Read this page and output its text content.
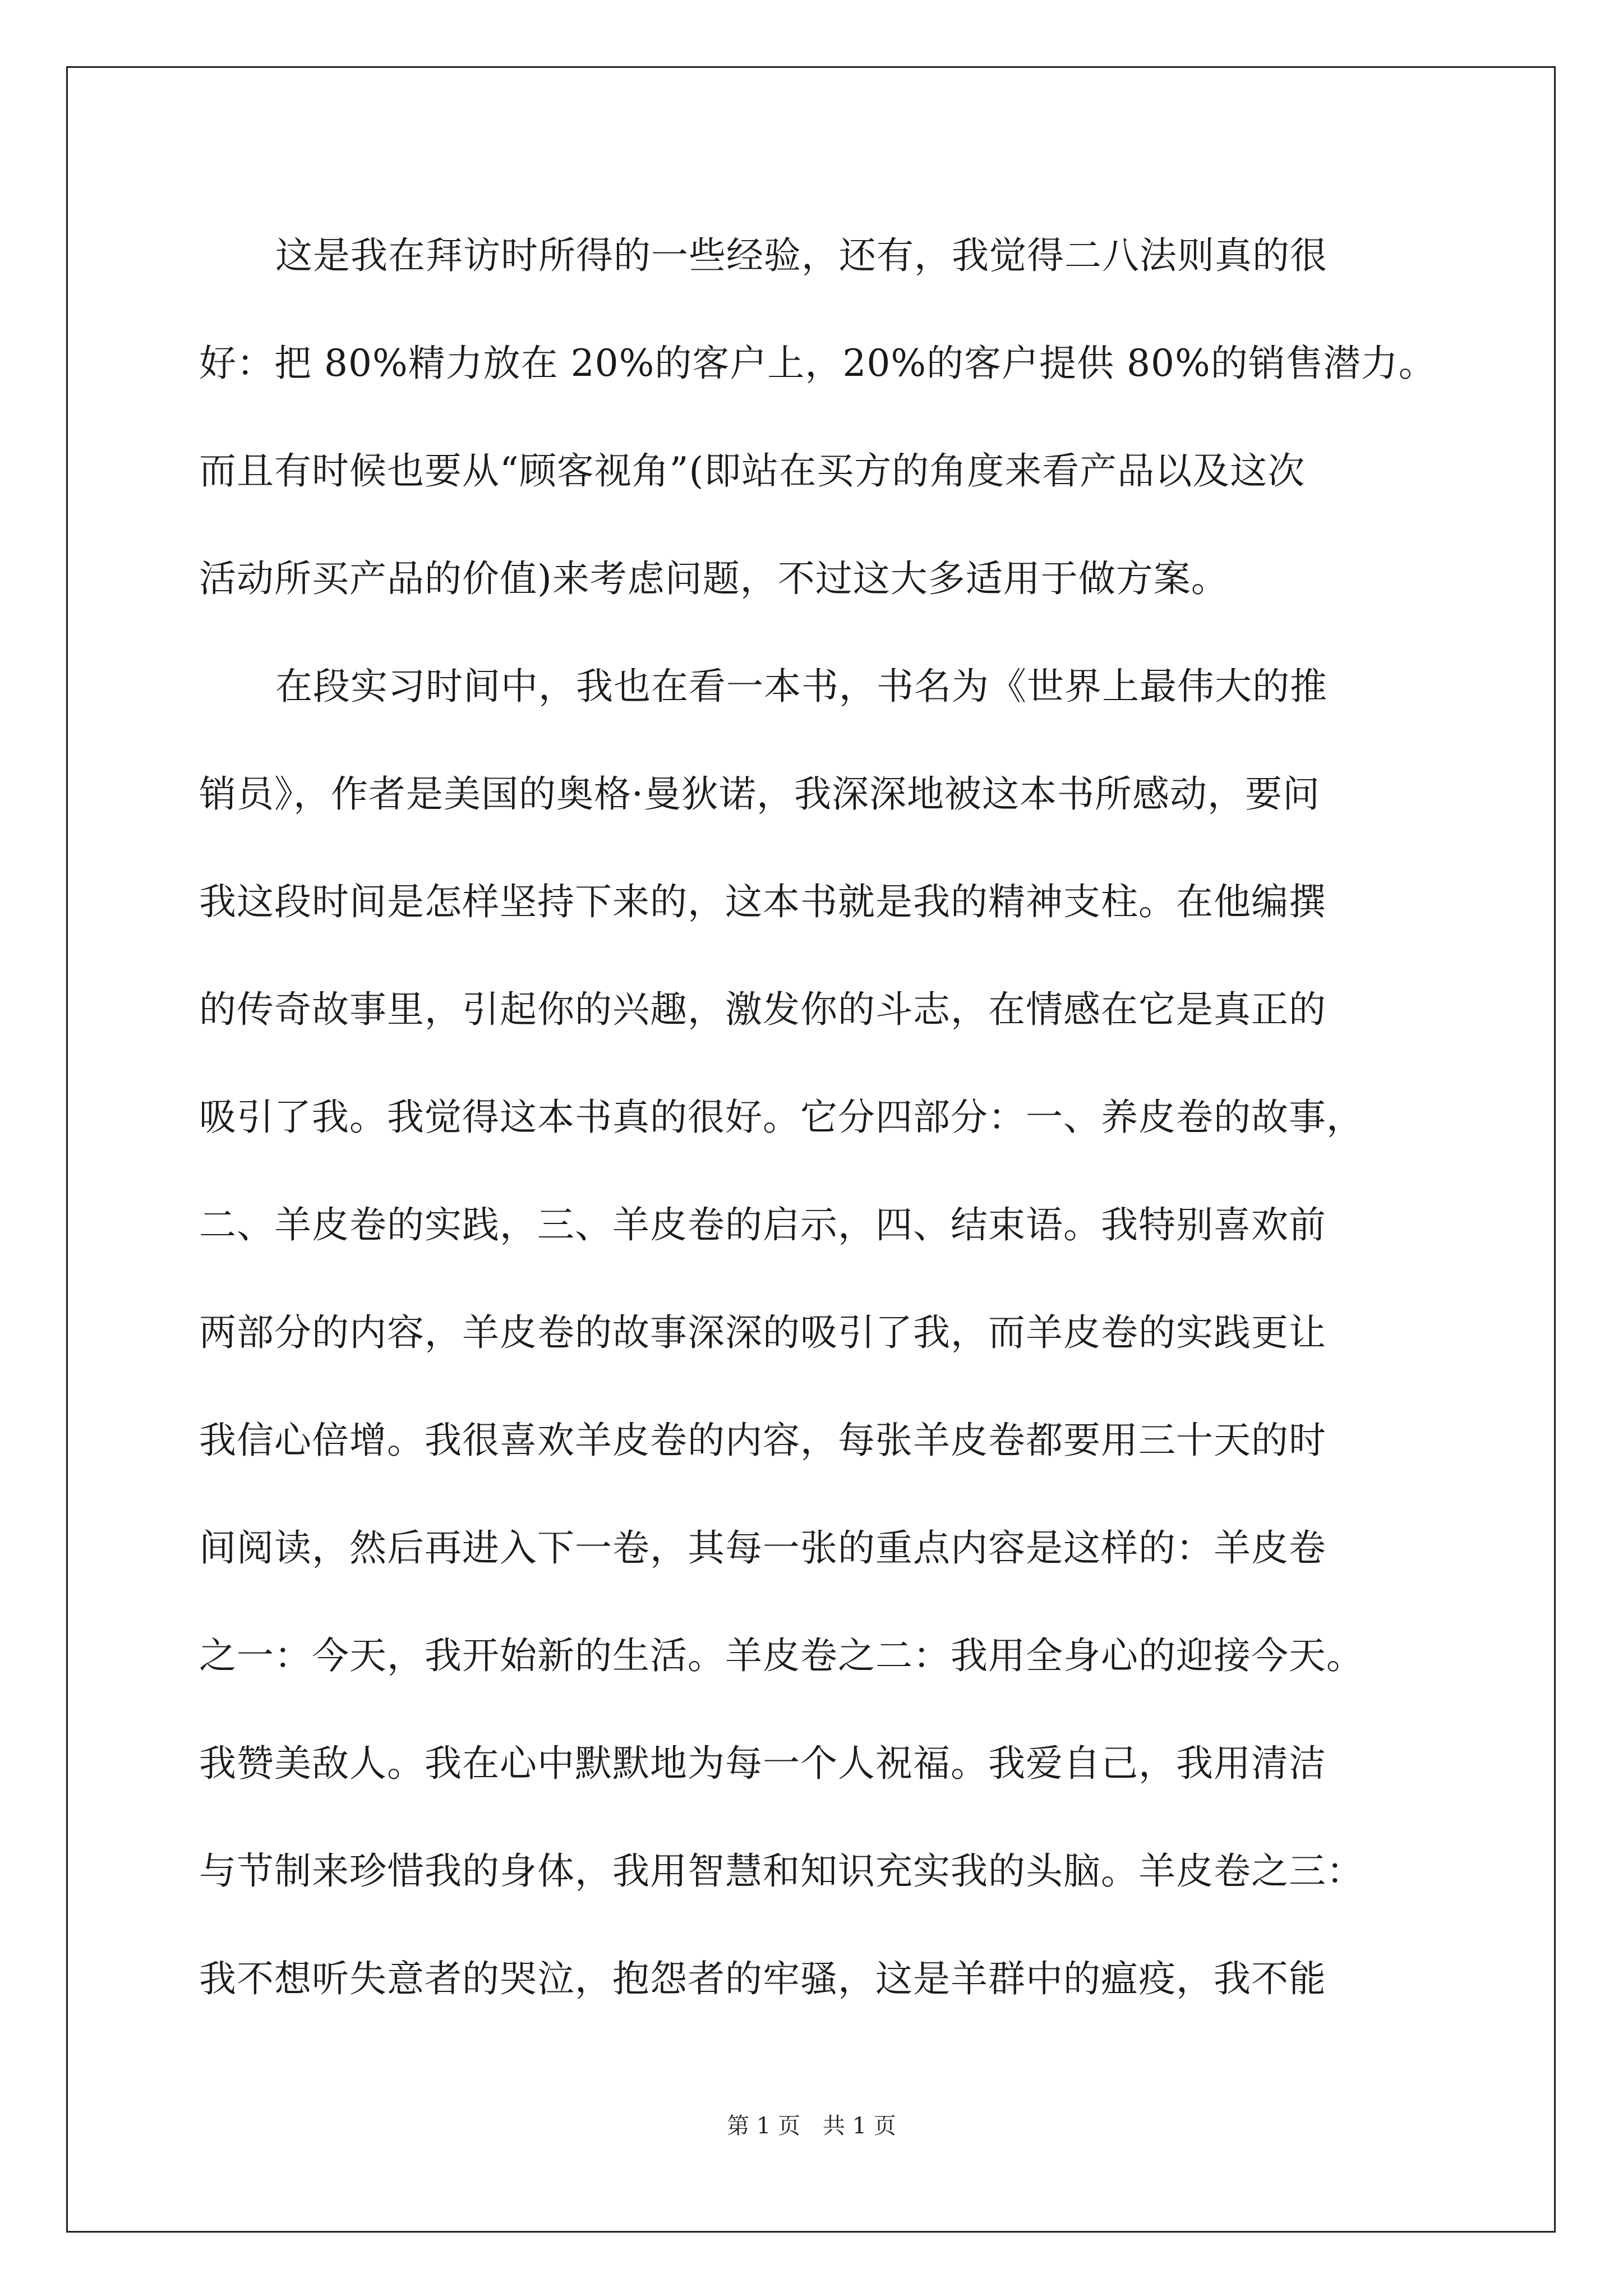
这是我在拜访时所得的一些经验，还有，我觉得二八法则真的很
好：把 80%精力放在 20%的客户上，20%的客户提供 80%的销售潜力。
而且有时候也要从“顾客视角”(即站在买方的角度来看产品以及这次
活动所买产品的价值)来考虑问题，不过这大多适用于做方案。
在段实习时间中，我也在看一本书，书名为《世界上最伟大的推
销员》，作者是美国的奥格·曼狄诺，我深深地被这本书所感动，要问
我这段时间是怎样坚持下来的，这本书就是我的精神支柱。在他编撰
的传奇故事里，引起你的兴趣，激发你的斗志，在情感在它是真正的
吸引了我。我觉得这本书真的很好。它分四部分：一、养皮卷的故事，
二、羊皮卷的实践，三、羊皮卷的启示，四、结束语。我特别喜欢前
两部分的内容，羊皮卷的故事深深的吸引了我，而羊皮卷的实践更让
我信心倍增。我很喜欢羊皮卷的内容，每张羊皮卷都要用三十天的时
间阅读，然后再进入下一卷，其每一张的重点内容是这样的：羊皮卷
之一：今天，我开始新的生活。羊皮卷之二：我用全身心的迎接今天。
我赞美敌人。我在心中默默地为每一个人祝福。我爱自己，我用清洁
与节制来珍惜我的身体，我用智慧和知识充实我的头脑。羊皮卷之三：
我不想听失意者的哭泣，抱怨者的牢骚，这是羊群中的瘟疫，我不能
第 1 页 共 1 页
